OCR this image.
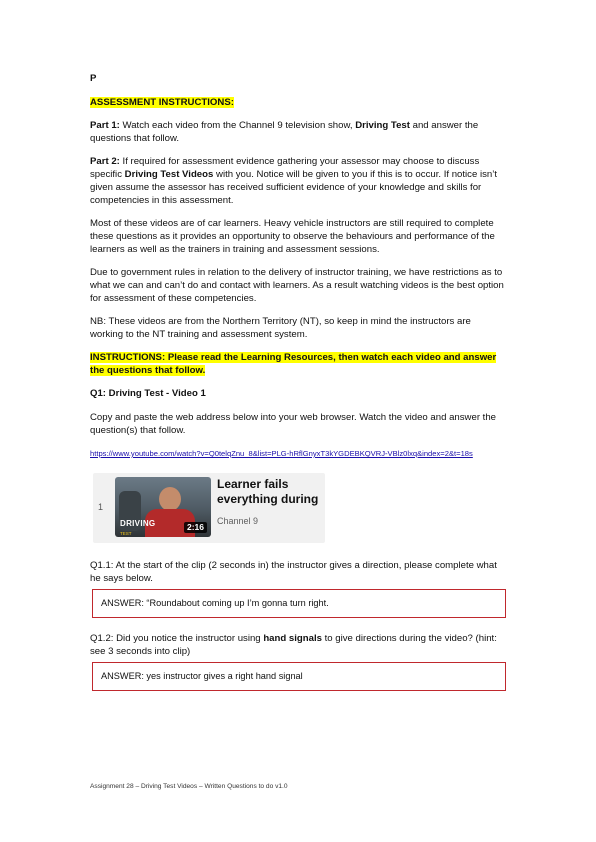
P

ASSESSMENT INSTRUCTIONS:

Part 1: Watch each video from the Channel 9 television show, Driving Test and answer the questions that follow.

Part 2: If required for assessment evidence gathering your assessor may choose to discuss specific Driving Test Videos with you. Notice will be given to you if this is to occur. If notice isn’t given assume the assessor has received sufficient evidence of your knowledge and skills for competencies in this assessment.

Most of these videos are of car learners. Heavy vehicle instructors are still required to complete these questions as it provides an opportunity to observe the behaviours and performance of the learners as well as the trainers in training and assessment sessions.

Due to government rules in relation to the delivery of instructor training, we have restrictions as to what we can and can’t do and contact with learners. As a result watching videos is the best option for assessment of these competencies.

NB: These videos are from the Northern Territory (NT), so keep in mind the instructors are working to the NT training and assessment system.

INSTRUCTIONS: Please read the Learning Resources, then watch each video and answer the questions that follow.

Q1: Driving Test - Video 1

Copy and paste the web address below into your web browser. Watch the video and answer the question(s) that follow.

https://www.youtube.com/watch?v=Q0telqZnu_8&list=PLG-hRflGnyxT3kYGDEBKQVRJ-VBlz0lxq&index=2&t=18s
1
DRIVING
TEST
2:16
Learner fails everything during
Channel 9

Q1.1: At the start of the clip (2 seconds in) the instructor gives a direction, please complete what he says below.

ANSWER: “Roundabout coming up I’m gonna turn right.

Q1.2: Did you notice the instructor using hand signals to give directions during the video? (hint: see 3 seconds into clip)

ANSWER: yes instructor gives a right hand signal
Assignment 28 – Driving Test Videos – Written Questions to do v1.0
